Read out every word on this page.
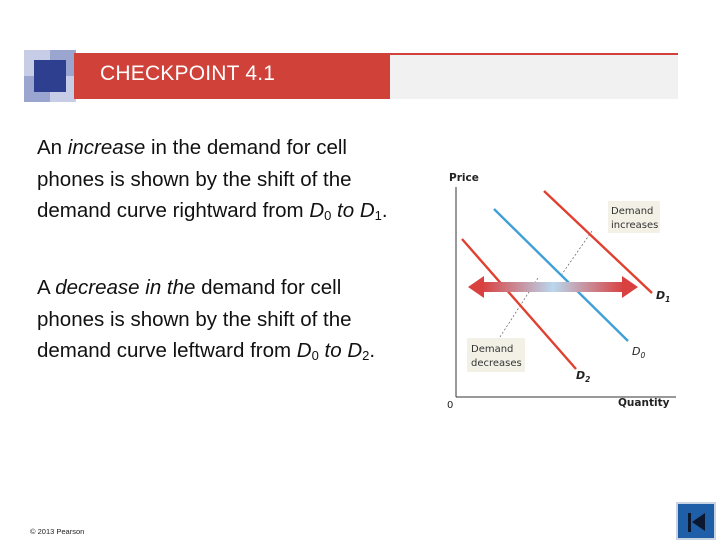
CHECKPOINT 4.1
An increase in the demand for cell phones is shown by the shift of the demand curve rightward from $D_0$ to $D_1$.
A decrease in the demand for cell phones is shown by the shift of the demand curve leftward from $D_0$ to $D_2$.
Price
Quantity
0
Demand
increases
Demand
decreases
$D_1$
$D_0$
$D_2$
© 2013 Pearson
